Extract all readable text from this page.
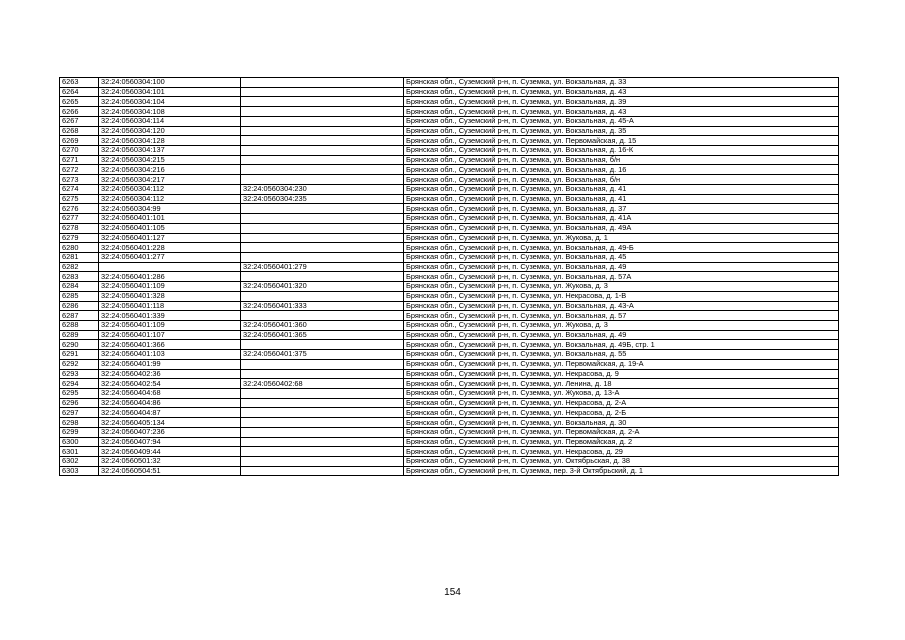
6263	32:24:0560304:100		Брянская обл., Суземский р-н, п. Суземка, ул. Вокзальная, д. 33
6264	32:24:0560304:101		Брянская обл., Суземский р-н, п. Суземка, ул. Вокзальная, д. 43
6265	32:24:0560304:104		Брянская обл., Суземский р-н, п. Суземка, ул. Вокзальная, д. 39
6266	32:24:0560304:108		Брянская обл., Суземский р-н, п. Суземка, ул. Вокзальная, д. 43
6267	32:24:0560304:114		Брянская обл., Суземский р-н, п. Суземка, ул. Вокзальная, д. 45-А
6268	32:24:0560304:120		Брянская обл., Суземский р-н, п. Суземка, ул. Вокзальная, д. 35
6269	32:24:0560304:128		Брянская обл., Суземский р-н, п. Суземка, ул. Первомайская, д. 15
6270	32:24:0560304:137		Брянская обл., Суземский р-н, п. Суземка, ул. Вокзальная, д. 16-К
6271	32:24:0560304:215		Брянская обл., Суземский р-н, п. Суземка, ул. Вокзальная, б/н
6272	32:24:0560304:216		Брянская обл., Суземский р-н, п. Суземка, ул. Вокзальная, д. 16
6273	32:24:0560304:217		Брянская обл., Суземский р-н, п. Суземка, ул. Вокзальная, б/н
6274	32:24:0560304:112	32:24:0560304:230	Брянская обл., Суземский р-н, п. Суземка, ул. Вокзальная, д. 41
6275	32:24:0560304:112	32:24:0560304:235	Брянская обл., Суземский р-н, п. Суземка, ул. Вокзальная, д. 41
6276	32:24:0560304:99		Брянская обл., Суземский р-н, п. Суземка, ул. Вокзальная, д. 37
6277	32:24:0560401:101		Брянская обл., Суземский р-н, п. Суземка, ул. Вокзальная, д. 41А
6278	32:24:0560401:105		Брянская обл., Суземский р-н, п. Суземка, ул. Вокзальная, д. 49А
6279	32:24:0560401:127		Брянская обл., Суземский р-н, п. Суземка, ул. Жукова, д. 1
6280	32:24:0560401:228		Брянская обл., Суземский р-н, п. Суземка, ул. Вокзальная, д. 49-Б
6281	32:24:0560401:277		Брянская обл., Суземский р-н, п. Суземка, ул. Вокзальная, д. 45
6282		32:24:0560401:279	Брянская обл., Суземский р-н, п. Суземка, ул. Вокзальная, д. 49
6283	32:24:0560401:286		Брянская обл., Суземский р-н, п. Суземка, ул. Вокзальная, д. 57А
6284	32:24:0560401:109	32:24:0560401:320	Брянская обл., Суземский р-н, п. Суземка, ул. Жукова, д. 3
6285	32:24:0560401:328		Брянская обл., Суземский р-н, п. Суземка, ул. Некрасова, д. 1-В
6286	32:24:0560401:118	32:24:0560401:333	Брянская обл., Суземский р-н, п. Суземка, ул. Вокзальная, д. 43-А
6287	32:24:0560401:339		Брянская обл., Суземский р-н, п. Суземка, ул. Вокзальная, д. 57
6288	32:24:0560401:109	32:24:0560401:360	Брянская обл., Суземский р-н, п. Суземка, ул. Жукова, д. 3
6289	32:24:0560401:107	32:24:0560401:365	Брянская обл., Суземский р-н, п. Суземка, ул. Вокзальная, д. 49
6290	32:24:0560401:366		Брянская обл., Суземский р-н, п. Суземка, ул. Вокзальная, д. 49Б, стр. 1
6291	32:24:0560401:103	32:24:0560401:375	Брянская обл., Суземский р-н, п. Суземка, ул. Вокзальная, д. 55
6292	32:24:0560401:99		Брянская обл., Суземский р-н, п. Суземка, ул. Первомайская, д. 19-А
6293	32:24:0560402:36		Брянская обл., Суземский р-н, п. Суземка, ул. Некрасова, д. 9
6294	32:24:0560402:54	32:24:0560402:68	Брянская обл., Суземский р-н, п. Суземка, ул. Ленина, д. 18
6295	32:24:0560404:68		Брянская обл., Суземский р-н, п. Суземка, ул. Жукова, д. 13-А
6296	32:24:0560404:86		Брянская обл., Суземский р-н, п. Суземка, ул. Некрасова, д. 2-А
6297	32:24:0560404:87		Брянская обл., Суземский р-н, п. Суземка, ул. Некрасова, д. 2-Б
6298	32:24:0560405:134		Брянская обл., Суземский р-н, п. Суземка, ул. Вокзальная, д. 30
6299	32:24:0560407:236		Брянская обл., Суземский р-н, п. Суземка, ул. Первомайская, д. 2-А
6300	32:24:0560407:94		Брянская обл., Суземский р-н, п. Суземка, ул. Первомайская, д. 2
6301	32:24:0560409:44		Брянская обл., Суземский р-н, п. Суземка, ул. Некрасова, д. 29
6302	32:24:0560501:32		Брянская обл., Суземский р-н, п. Суземка, ул. Октябрьская, д. 38
6303	32:24:0560504:51		Брянская обл., Суземский р-н, п. Суземка, пер. 3-й Октябрьский, д. 1
154
